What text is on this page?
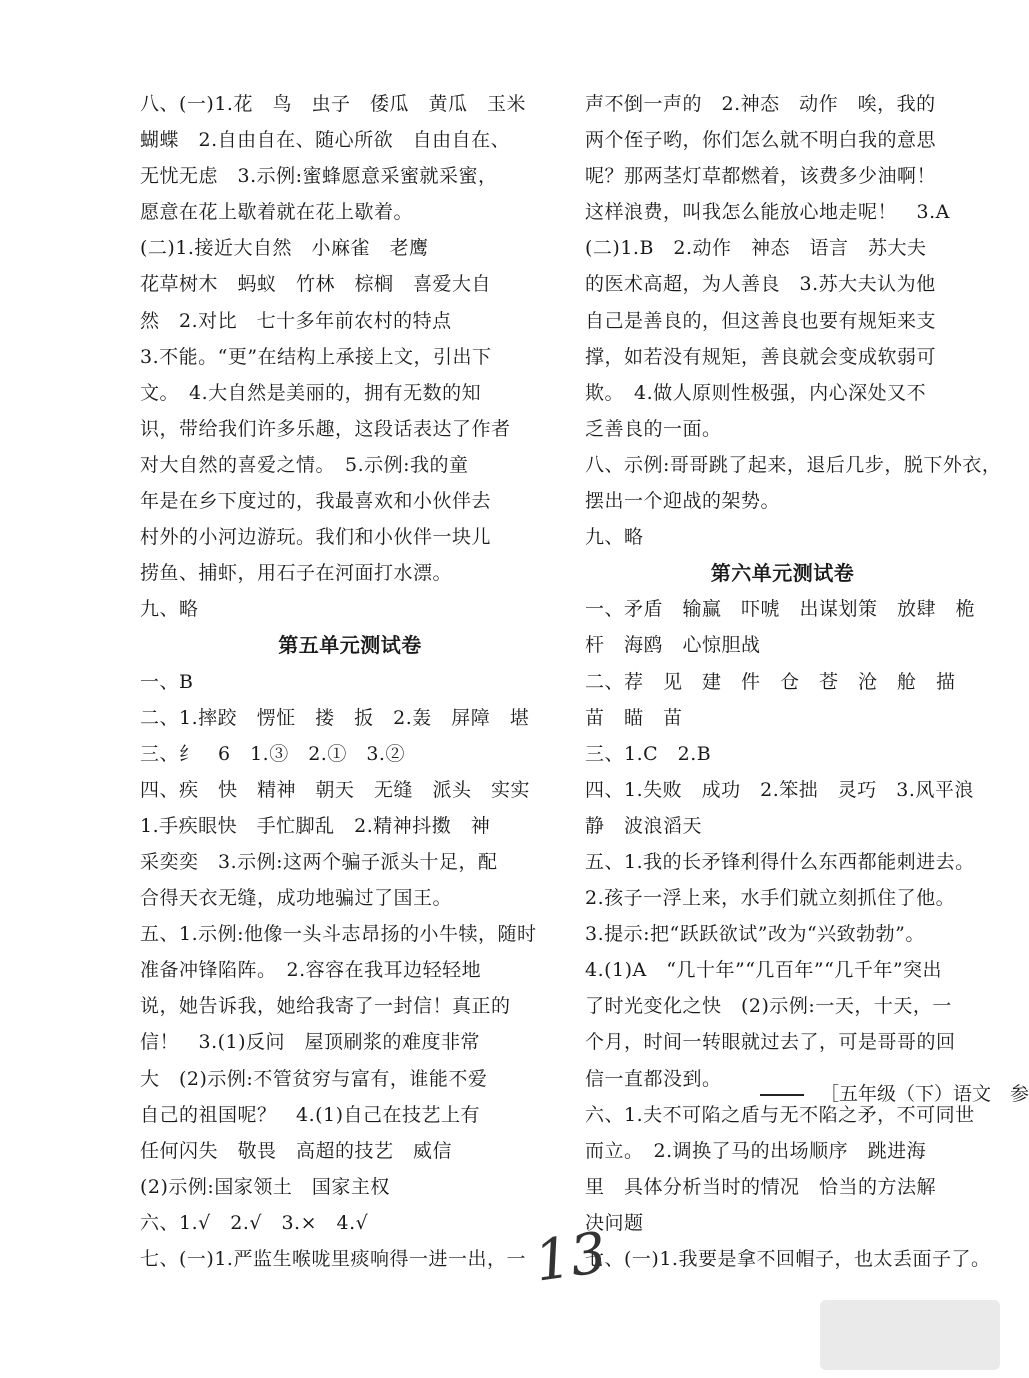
八、(一)1.花　鸟　虫子　倭瓜　黄瓜　玉米
蝴蝶　2.自由自在、随心所欲　自由自在、
无忧无虑　3.示例:蜜蜂愿意采蜜就采蜜，
愿意在花上歇着就在花上歇着。
(二)1.接近大自然　小麻雀　老鹰
花草树木　蚂蚁　竹林　棕榈　喜爱大自
然　2.对比　七十多年前农村的特点
3.不能。“更”在结构上承接上文，引出下
文。　4.大自然是美丽的，拥有无数的知
识，带给我们许多乐趣，这段话表达了作者
对大自然的喜爱之情。　5.示例:我的童
年是在乡下度过的，我最喜欢和小伙伴去
村外的小河边游玩。我们和小伙伴一块儿
捞鱼、捕虾，用石子在河面打水漂。
九、略
第五单元测试卷
一、B
二、1.摔跤　愣怔　搂　扳　2.轰　屏障　堪
三、纟　6　1.③　2.①　3.②
四、疾　快　精神　朝天　无缝　派头　实实
1.手疾眼快　手忙脚乱　2.精神抖擞　神
采奕奕　3.示例:这两个骗子派头十足，配
合得天衣无缝，成功地骗过了国王。
五、1.示例:他像一头斗志昂扬的小牛犊，随时
准备冲锋陷阵。　2.容容在我耳边轻轻地
说，她告诉我，她给我寄了一封信！真正的
信！　3.(1)反问　屋顶刷浆的难度非常
大　(2)示例:不管贫穷与富有，谁能不爱
自己的祖国呢？　4.(1)自己在技艺上有
任何闪失　敬畏　高超的技艺　威信
(2)示例:国家领土　国家主权
六、1.√　2.√　3.×　4.√
七、(一)1.严监生喉咙里痰响得一进一出，一
声不倒一声的　2.神态　动作　唉，我的
两个侄子哟，你们怎么就不明白我的意思
呢？那两茎灯草都燃着，该费多少油啊！
这样浪费，叫我怎么能放心地走呢！　3.A
(二)1.B　2.动作　神态　语言　苏大夫
的医术高超，为人善良　3.苏大夫认为他
自己是善良的，但这善良也要有规矩来支
撑，如若没有规矩，善良就会变成软弱可
欺。　4.做人原则性极强，内心深处又不
乏善良的一面。
八、示例:哥哥跳了起来，退后几步，脱下外衣，
摆出一个迎战的架势。
九、略
第六单元测试卷
一、矛盾　输赢　吓唬　出谋划策　放肆　桅
杆　海鸥　心惊胆战
二、荐　见　建　件　仓　苍　沧　舱　描
苗　瞄　苗
三、1.C　2.B
四、1.失败　成功　2.笨拙　灵巧　3.风平浪
静　波浪滔天
五、1.我的长矛锋利得什么东西都能刺进去。
2.孩子一浮上来，水手们就立刻抓住了他。
3.提示:把“跃跃欲试”改为“兴致勃勃”。
4.(1)A　“几十年”“几百年”“几千年”突出
了时光变化之快　(2)示例:一天，十天，一
个月，时间一转眼就过去了，可是哥哥的回
信一直都没到。
六、1.夫不可陷之盾与无不陷之矛，不可同世
而立。　2.调换了马的出场顺序　跳进海
里　具体分析当时的情况　恰当的方法解
决问题
七、(一)1.我要是拿不回帽子，也太丢面子了。
［五年级（下）语文　参
13
